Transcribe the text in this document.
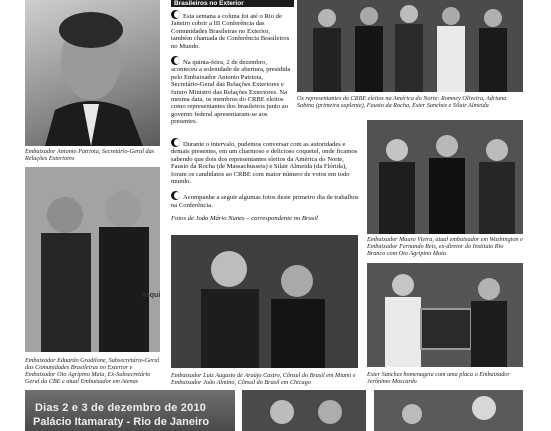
Brasileiros no Exterior
Embaixador Antonio Patriota, Secretário-Geral das Relações Exteriores

Esta semana a coluna foi até o Rio de Janeiro cobrir a III Conferência das Comunidades Brasileiras no Exterior, também chamada de Conferência Brasileiros no Mundo.

Na quinta-feira, 2 de dezembro, aconteceu a solenidade de abertura, presidida pelo Embaixador Antonio Patriota, Secretário-Geral das Relações Exteriores e futuro Ministro das Relações Exteriores. Na mesma data, os membros do CRBE eleitos como representantes dos brasileiros junto ao governo federal apresentaram-se aos presentes.

Durante o intervalo, pudemos conversar com as autoridades e demais presentes, em um charmoso e delicioso coquetel, onde ficamos sabendo que dois dos representantes eleitos da América do Norte, Fausto da Rocha (de Massachussets) e Silair Almeida (da Flórida), foram os candidatos ao CRBE com maior número de votos em todo mundo.

Acompanhe a seguir algumas fotos deste primeiro dia de trabalhos na Conferência.

Fotos de João Mário Nunes – correspondente no Brasil

Os representantes do CRBE eleitos na América do Norte: Romney Oliveira, Adriana Sabino (primeira suplente), Fausto da Rocha, Ester Sanchez e Silair Almeida
Embaixador Mauro Vieira, atual embaixador em Washington e Embaixador Fernando Reis, ex-diretor do Instituto Rio Branco com Oto Agripino Maia
esqui
Embaixador Eduardo Gradilone, Subsecretário-Geral das Comunidades Brasileiras no Exterior e Embaixador Oto Agripino Maia, Ex-Subsecretário Geral da CBE e atual Embaixador em Atenas
Embaixador Luiz Augusto de Araújo Castro, Cônsul do Brasil em Miami e Embaixador João Almino, Cônsul do Brasil em Chicago
Ester Sanchez homenageia com uma placa o Embaixador Jerônimo Moscardo
Dias 2 e 3 de dezembro de 2010
Palácio Itamaraty - Rio de Janeiro
